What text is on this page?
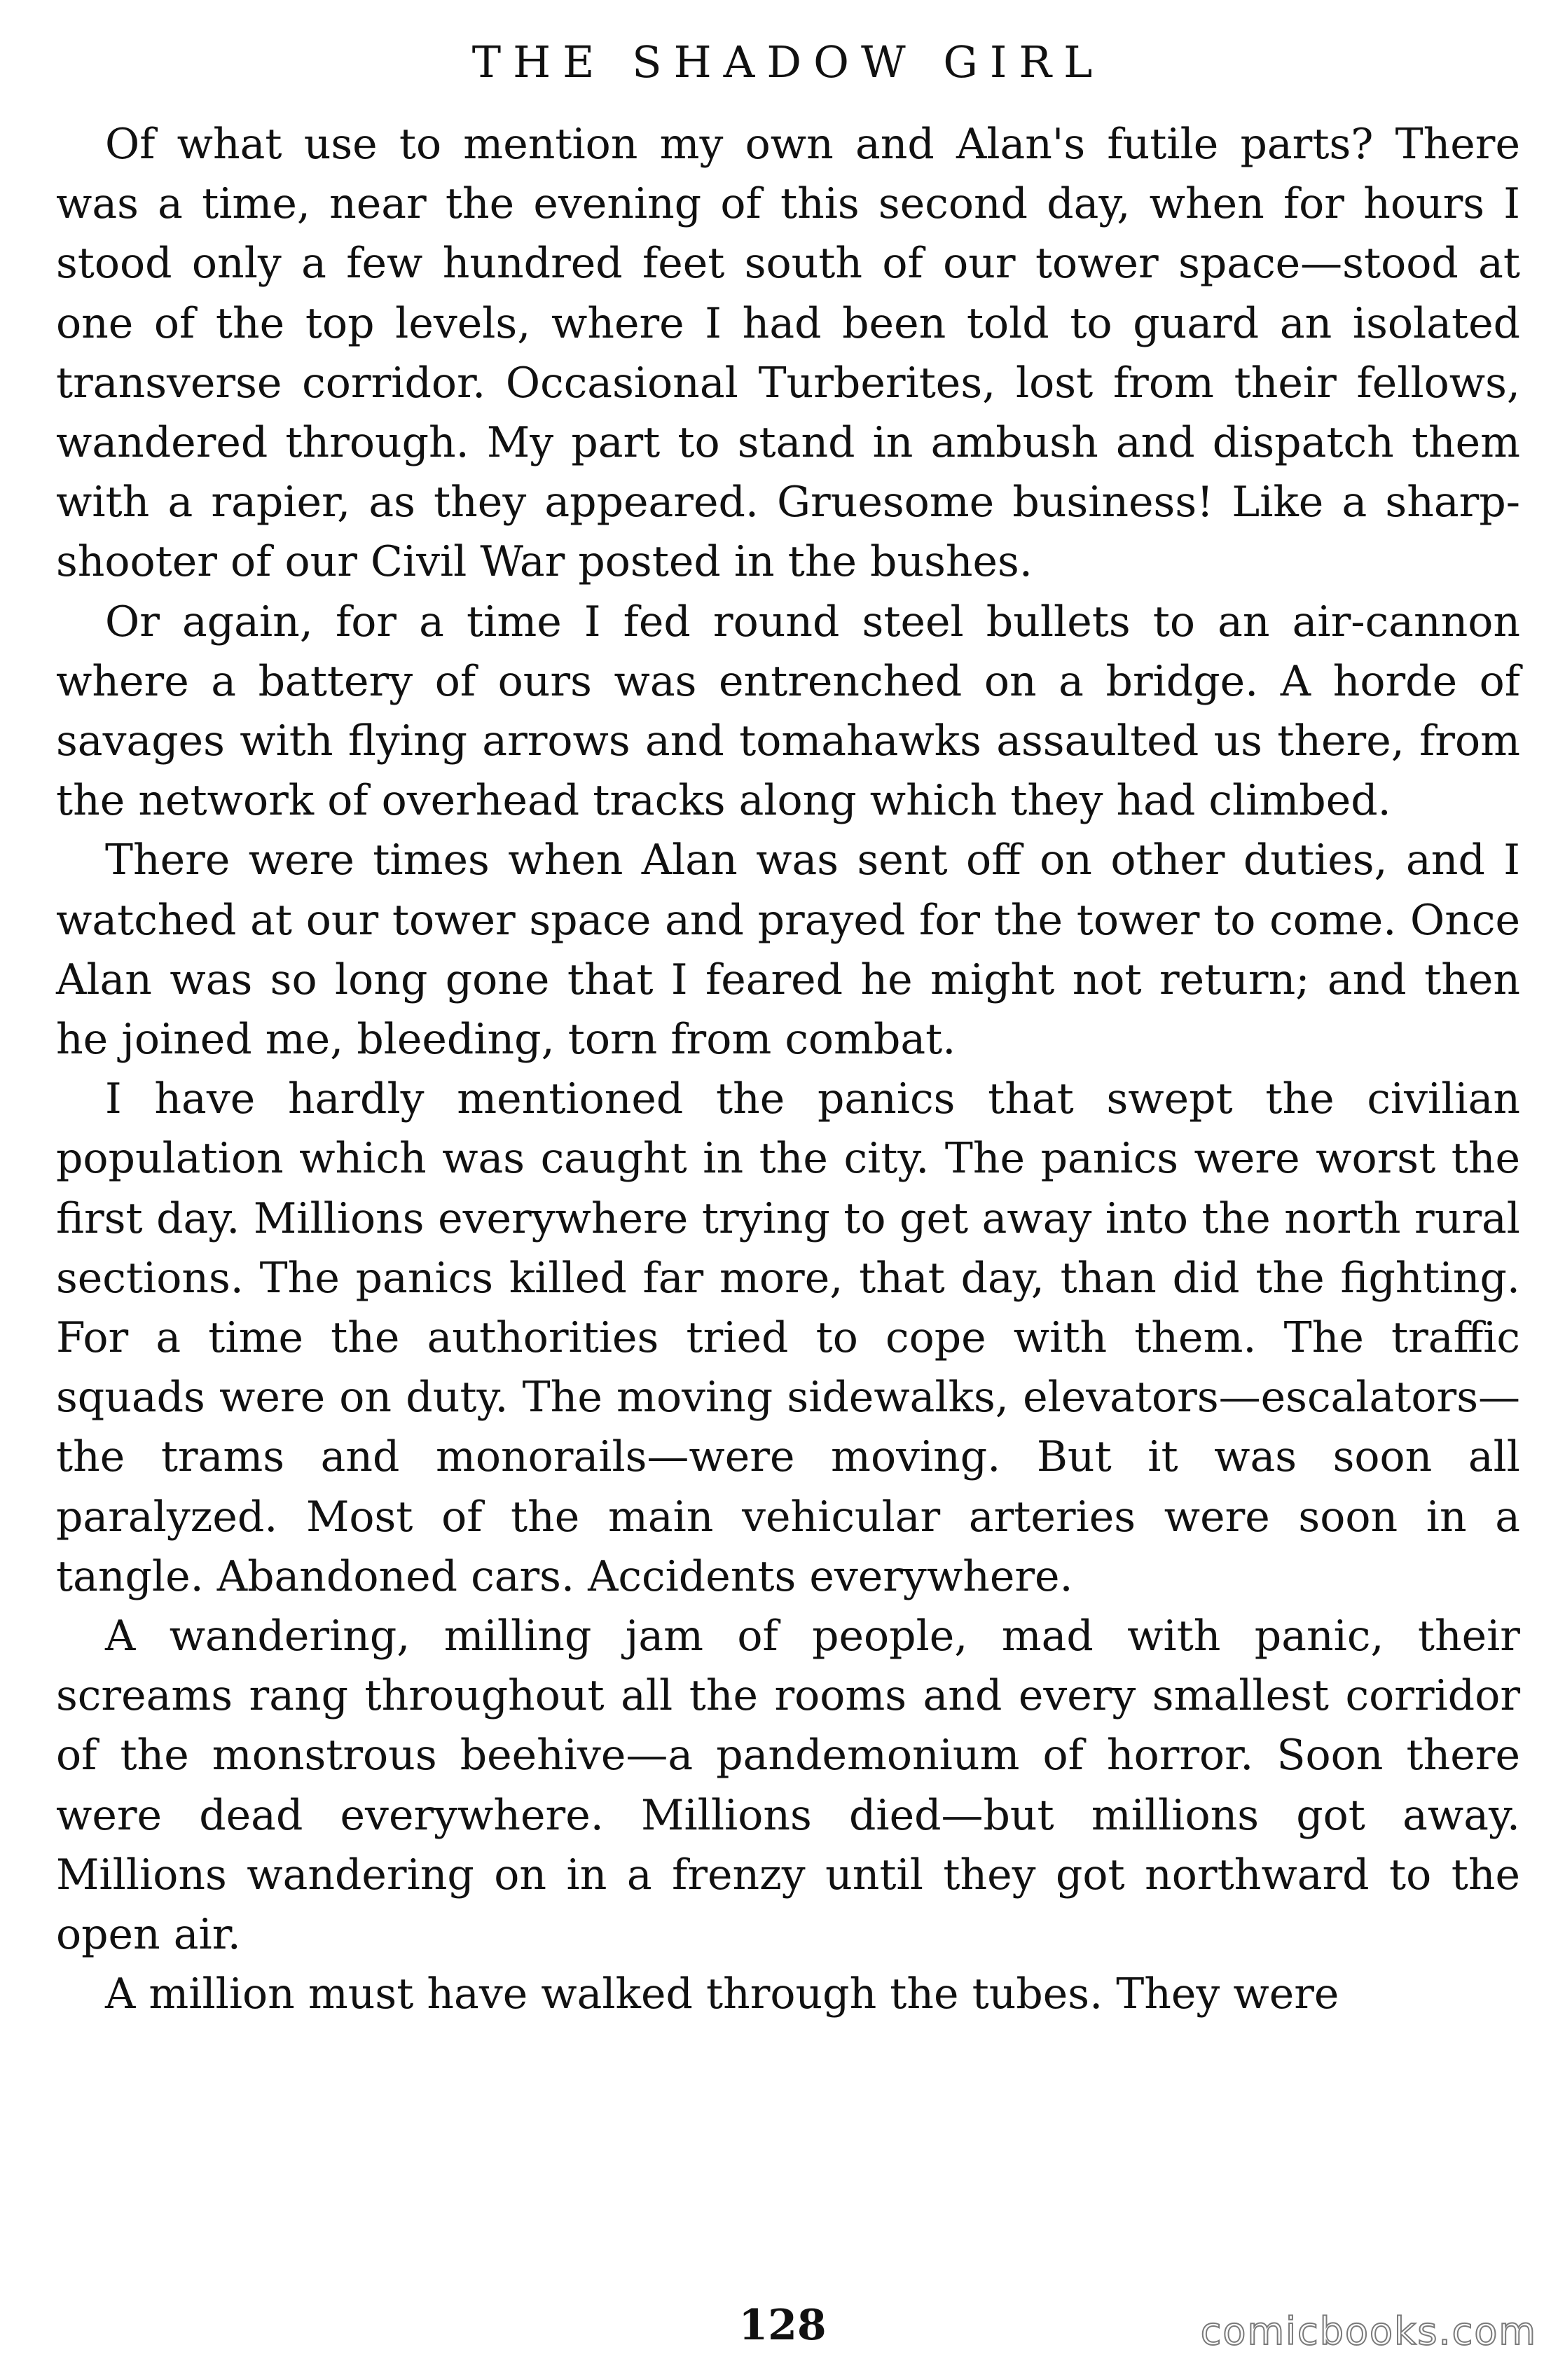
THE SHADOW GIRL

Of what use to mention my own and Alan's futile parts? There was a time, near the evening of this second day, when for hours I stood only a few hundred feet south of our tower space—stood at one of the top levels, where I had been told to guard an isolated transverse corridor. Occasional Turberites, lost from their fellows, wandered through. My part to stand in ambush and dispatch them with a rapier, as they appeared. Gruesome business! Like a sharp-shooter of our Civil War posted in the bushes.

Or again, for a time I fed round steel bullets to an air-cannon where a battery of ours was entrenched on a bridge. A horde of savages with flying arrows and tomahawks assaulted us there, from the network of overhead tracks along which they had climbed.

There were times when Alan was sent off on other duties, and I watched at our tower space and prayed for the tower to come. Once Alan was so long gone that I feared he might not return; and then he joined me, bleeding, torn from combat.

I have hardly mentioned the panics that swept the civilian population which was caught in the city. The panics were worst the first day. Millions everywhere trying to get away into the north rural sections. The panics killed far more, that day, than did the fighting. For a time the authorities tried to cope with them. The traffic squads were on duty. The moving sidewalks, elevators—escalators—the trams and monorails—were moving. But it was soon all paralyzed. Most of the main vehicular arteries were soon in a tangle. Abandoned cars. Accidents everywhere.

A wandering, milling jam of people, mad with panic, their screams rang throughout all the rooms and every smallest corridor of the monstrous beehive—a pandemonium of horror. Soon there were dead everywhere. Millions died—but millions got away. Millions wandering on in a frenzy until they got northward to the open air.

A million must have walked through the tubes. They were

128	comicbooks.com
